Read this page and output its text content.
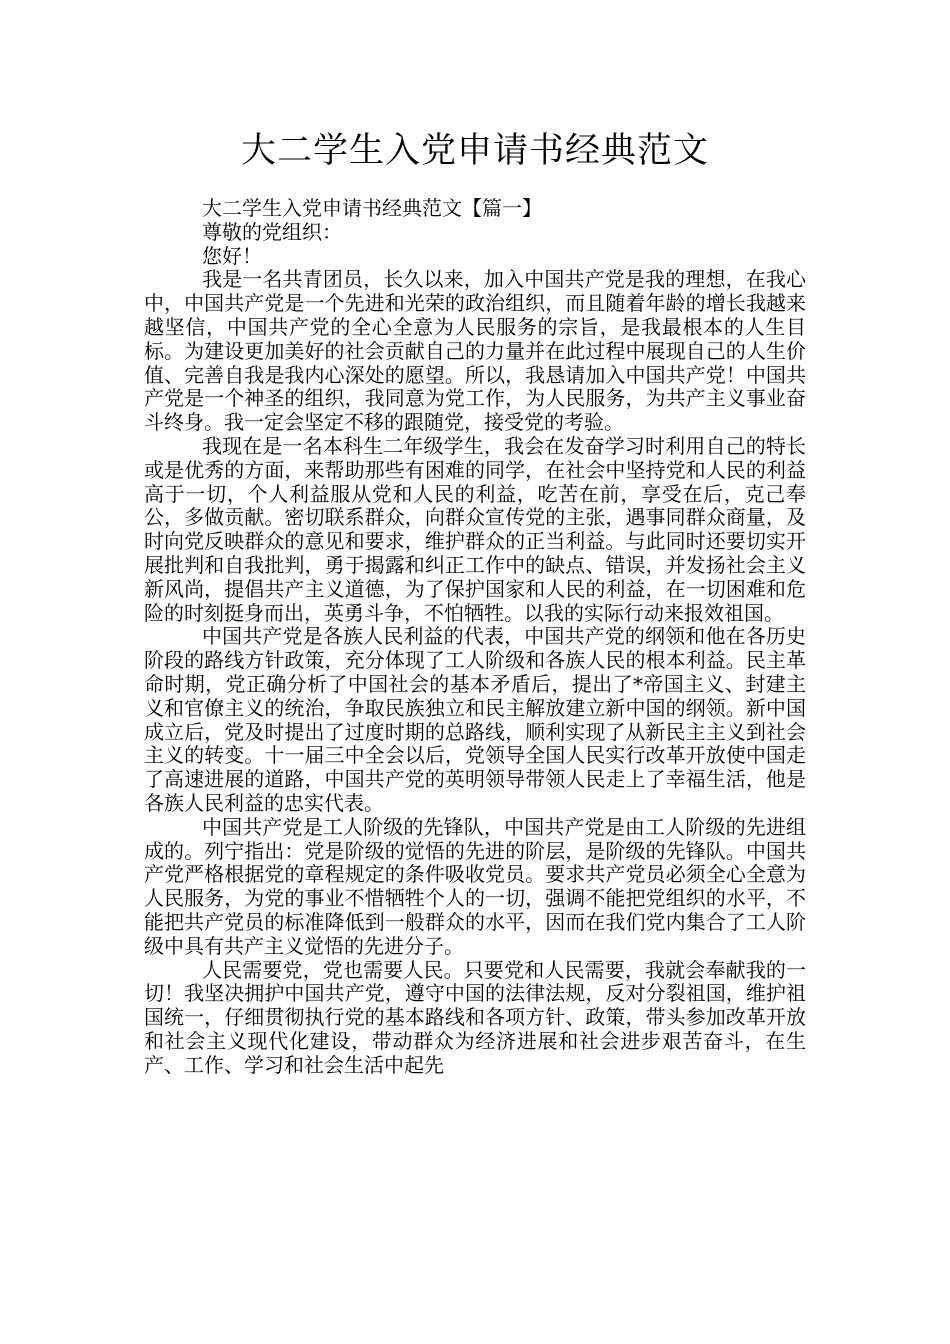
大二学生入党申请书经典范文

大二学生入党申请书经典范文【篇一】

尊敬的党组织：

您好！

我是一名共青团员，长久以来，加入中国共产党是我的理想，在我心中，中国共产党是一个先进和光荣的政治组织，而且随着年龄的增长我越来越坚信，中国共产党的全心全意为人民服务的宗旨，是我最根本的人生目标。为建设更加美好的社会贡献自己的力量并在此过程中展现自己的人生价值、完善自我是我内心深处的愿望。所以，我恳请加入中国共产党！中国共产党是一个神圣的组织，我同意为党工作，为人民服务，为共产主义事业奋斗终身。我一定会坚定不移的跟随党，接受党的考验。

我现在是一名本科生二年级学生，我会在发奋学习时利用自己的特长或是优秀的方面，来帮助那些有困难的同学，在社会中坚持党和人民的利益高于一切，个人利益服从党和人民的利益，吃苦在前，享受在后，克己奉公，多做贡献。密切联系群众，向群众宣传党的主张，遇事同群众商量，及时向党反映群众的意见和要求，维护群众的正当利益。与此同时还要切实开展批判和自我批判，勇于揭露和纠正工作中的缺点、错误，并发扬社会主义新风尚，提倡共产主义道德，为了保护国家和人民的利益，在一切困难和危险的时刻挺身而出，英勇斗争，不怕牺牲。以我的实际行动来报效祖国。

中国共产党是各族人民利益的代表，中国共产党的纲领和他在各历史阶段的路线方针政策，充分体现了工人阶级和各族人民的根本利益。民主革命时期，党正确分析了中国社会的基本矛盾后，提出了*帝国主义、封建主义和官僚主义的统治，争取民族独立和民主解放建立新中国的纲领。新中国成立后，党及时提出了过度时期的总路线，顺利实现了从新民主主义到社会主义的转变。十一届三中全会以后，党领导全国人民实行改革开放使中国走了高速进展的道路，中国共产党的英明领导带领人民走上了幸福生活，他是各族人民利益的忠实代表。

中国共产党是工人阶级的先锋队，中国共产党是由工人阶级的先进组成的。列宁指出：党是阶级的觉悟的先进的阶层，是阶级的先锋队。中国共产党严格根据党的章程规定的条件吸收党员。要求共产党员必须全心全意为人民服务，为党的事业不惜牺牲个人的一切，强调不能把党组织的水平，不能把共产党员的标准降低到一般群众的水平，因而在我们党内集合了工人阶级中具有共产主义觉悟的先进分子。

人民需要党，党也需要人民。只要党和人民需要，我就会奉献我的一切！我坚决拥护中国共产党，遵守中国的法律法规，反对分裂祖国，维护祖国统一，仔细贯彻执行党的基本路线和各项方针、政策，带头参加改革开放和社会主义现代化建设，带动群众为经济进展和社会进步艰苦奋斗，在生产、工作、学习和社会生活中起先
